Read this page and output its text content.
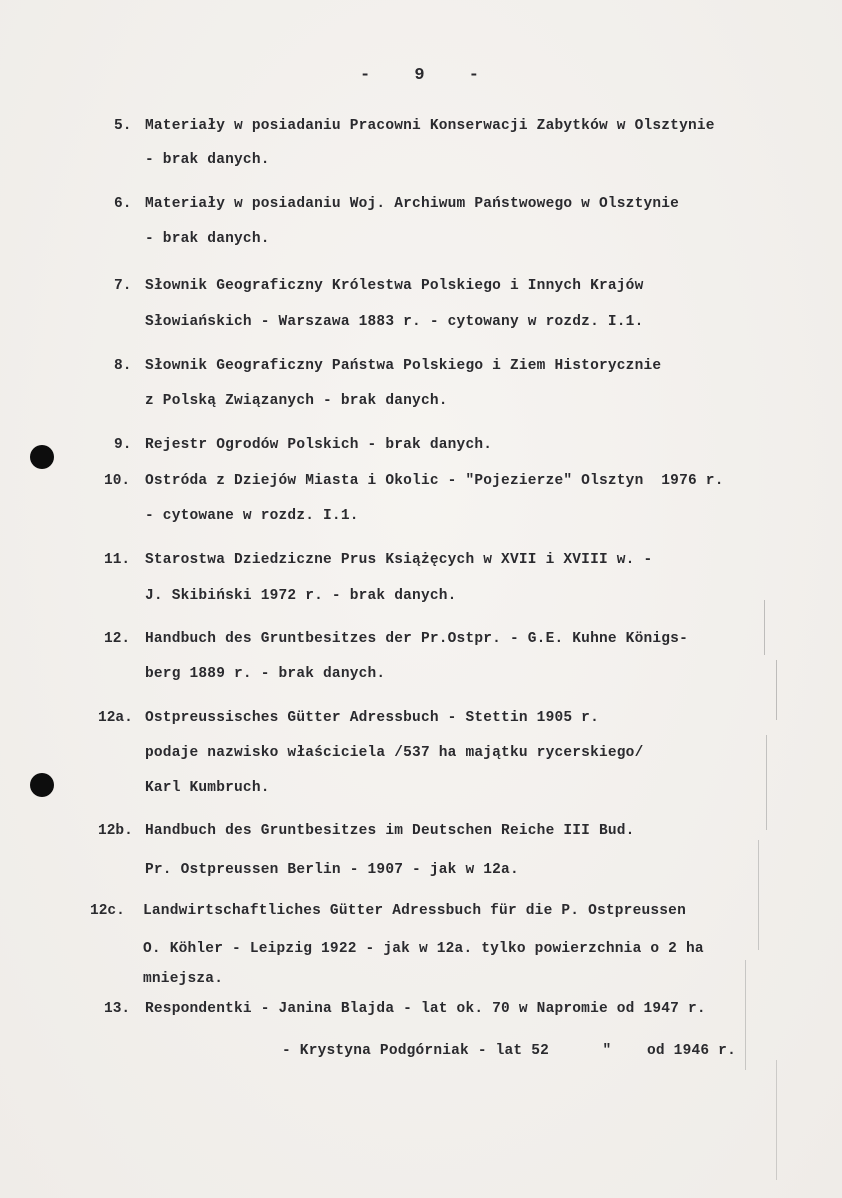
- 9 -
5. Materiały w posiadaniu Pracowni Konserwacji Zabytków w Olsztynie
- brak danych.
6. Materiały w posiadaniu Woj. Archiwum Państwowego w Olsztynie
- brak danych.
7. Słownik Geograficzny Królestwa Polskiego i Innych Krajów
Słowiańskich - Warszawa 1883 r. - cytowany w rozdz. I.1.
8. Słownik Geograficzny Państwa Polskiego i Ziem Historycznie
z Polską Związanych - brak danych.
9. Rejestr Ogrodów Polskich - brak danych.
10. Ostróda z Dziejów Miasta i Okolic - "Pojezierze" Olsztyn  1976 r.
- cytowane w rozdz. I.1.
11. Starostwa Dziedziczne Prus Książęcych w XVII i XVIII w. -
J. Skibiński 1972 r. - brak danych.
12. Handbuch des Gruntbesitzes der Pr.Ostpr. - G.E. Kuhne Königs-
berg 1889 r. - brak danych.
12a. Ostpreussisches Gütter Adressbuch - Stettin 1905 r.
podaje nazwisko właściciela /537 ha majątku rycerskiego/
Karl Kumbruch.
12b. Handbuch des Gruntbesitzes im Deutschen Reiche III Bud.
Pr. Ostpreussen Berlin - 1907 - jak w 12a.
12c. Landwirtschaftliches Gütter Adressbuch für die P. Ostpreussen
O. Köhler - Leipzig 1922 - jak w 12a. tylko powierzchnia o 2 ha
mniejsza.
13. Respondentki - Janina Blajda - lat ok. 70 w Napromie od 1947 r.
- Krystyna Podgórniak - lat 52      "    od 1946 r.
